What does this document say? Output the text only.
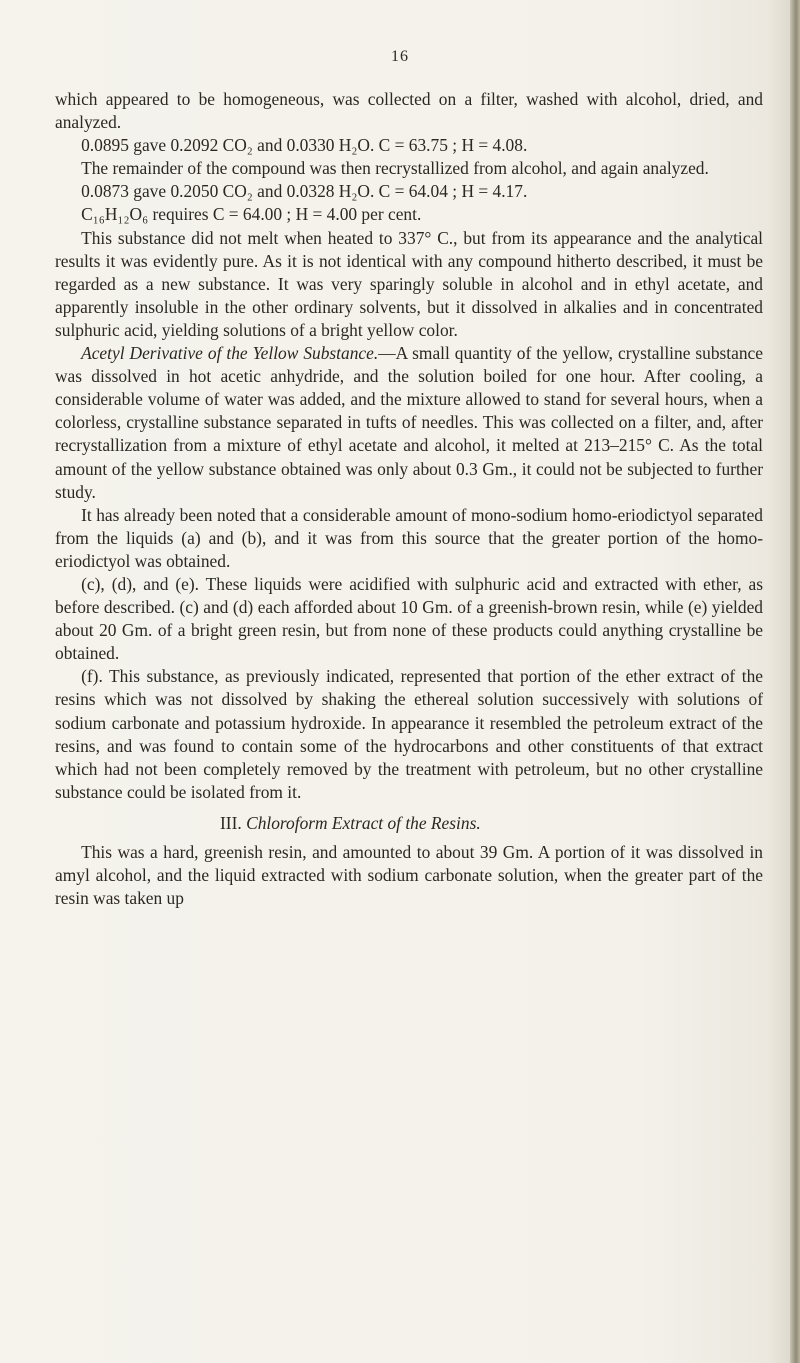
16

which appeared to be homogeneous, was collected on a filter, washed with alcohol, dried, and analyzed.

0.0895 gave 0.2092 CO₂ and 0.0330 H₂O. C = 63.75 ; H = 4.08.

The remainder of the compound was then recrystallized from alcohol, and again analyzed.

0.0873 gave 0.2050 CO₂ and 0.0328 H₂O. C = 64.04 ; H = 4.17.

C₁₆H₁₂O₆ requires C = 64.00 ; H = 4.00 per cent.

This substance did not melt when heated to 337° C., but from its appearance and the analytical results it was evidently pure. As it is not identical with any compound hitherto described, it must be regarded as a new substance. It was very sparingly soluble in alcohol and in ethyl acetate, and apparently insoluble in the other ordinary solvents, but it dissolved in alkalies and in concentrated sulphuric acid, yielding solutions of a bright yellow color.

Acetyl Derivative of the Yellow Substance.—A small quantity of the yellow, crystalline substance was dissolved in hot acetic anhydride, and the solution boiled for one hour. After cooling, a considerable volume of water was added, and the mixture allowed to stand for several hours, when a colorless, crystalline substance separated in tufts of needles. This was collected on a filter, and, after recrystallization from a mixture of ethyl acetate and alcohol, it melted at 213–215° C. As the total amount of the yellow substance obtained was only about 0.3 Gm., it could not be subjected to further study.

It has already been noted that a considerable amount of mono-sodium homo-eriodictyol separated from the liquids (a) and (b), and it was from this source that the greater portion of the homo-eriodictyol was obtained.

(c), (d), and (e). These liquids were acidified with sulphuric acid and extracted with ether, as before described. (c) and (d) each afforded about 10 Gm. of a greenish-brown resin, while (e) yielded about 20 Gm. of a bright green resin, but from none of these products could anything crystalline be obtained.

(f). This substance, as previously indicated, represented that portion of the ether extract of the resins which was not dissolved by shaking the ethereal solution successively with solutions of sodium carbonate and potassium hydroxide. In appearance it resembled the petroleum extract of the resins, and was found to contain some of the hydrocarbons and other constituents of that extract which had not been completely removed by the treatment with petroleum, but no other crystalline substance could be isolated from it.

III. Chloroform Extract of the Resins.

This was a hard, greenish resin, and amounted to about 39 Gm. A portion of it was dissolved in amyl alcohol, and the liquid extracted with sodium carbonate solution, when the greater part of the resin was taken up
